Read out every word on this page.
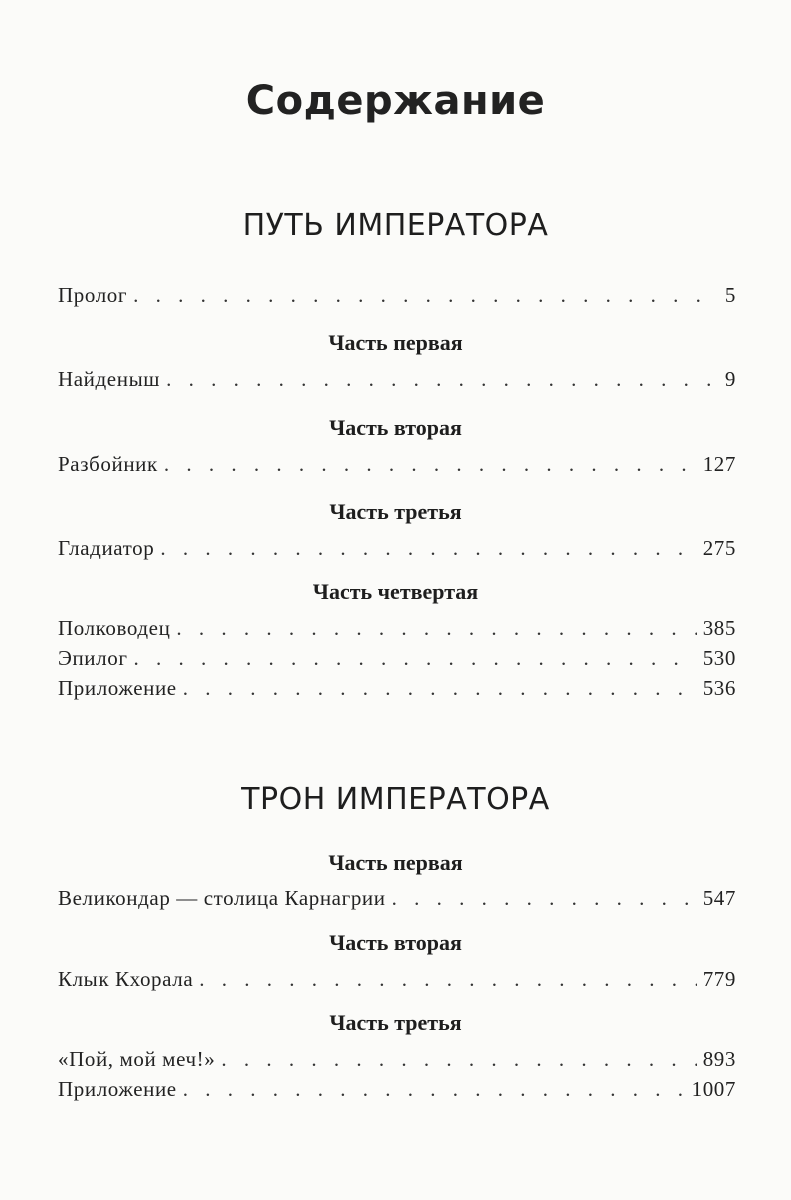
Содержание
ПУТЬ ИМПЕРАТОРА
Пролог . . .	5
Часть первая
Найденыш . . .	9
Часть вторая
Разбойник . . .	127
Часть третья
Гладиатор . . .	275
Часть четвертая
Полководец . . .	385
Эпилог . . .	530
Приложение . . .	536
ТРОН ИМПЕРАТОРА
Часть первая
Великондар — столица Карнагрии . . .	547
Часть вторая
Клык Кхорала . . .	779
Часть третья
«Пой, мой меч!» . . .	893
Приложение . . .	1007
